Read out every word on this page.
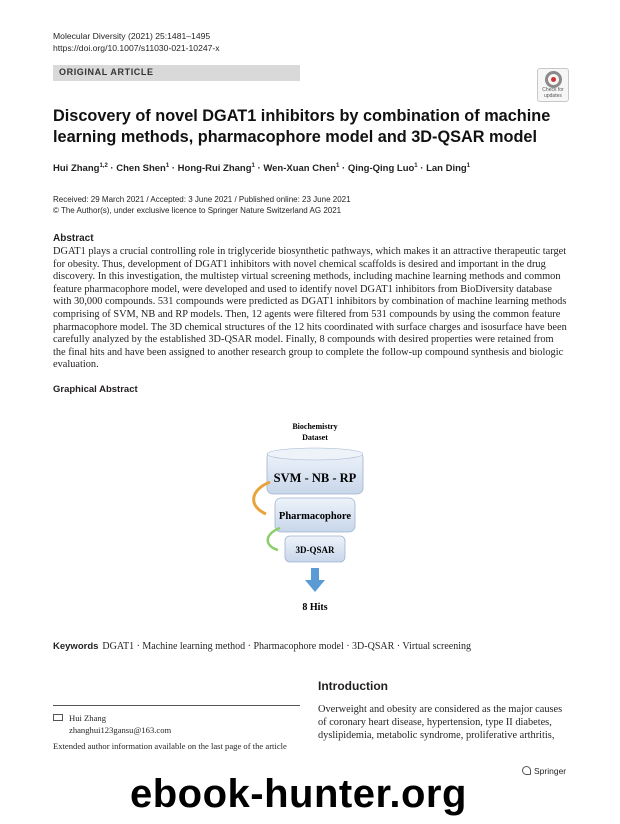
Molecular Diversity (2021) 25:1481–1495
https://doi.org/10.1007/s11030-021-10247-x
ORIGINAL ARTICLE
Check for
updates
Discovery of novel DGAT1 inhibitors by combination of machine learning methods, pharmacophore model and 3D-QSAR model
Hui Zhang$^{1,2}$ · Chen Shen$^1$ · Hong-Rui Zhang$^1$ · Wen-Xuan Chen$^1$ · Qing-Qing Luo$^1$ · Lan Ding$^1$
Received: 29 March 2021 / Accepted: 3 June 2021 / Published online: 23 June 2021
© The Author(s), under exclusive licence to Springer Nature Switzerland AG 2021
Abstract
DGAT1 plays a crucial controlling role in triglyceride biosynthetic pathways, which makes it an attractive therapeutic target
for obesity. Thus, development of DGAT1 inhibitors with novel chemical scaffolds is desired and important in the drug
discovery. In this investigation, the multistep virtual screening methods, including machine learning methods and common
feature pharmacophore model, were developed and used to identify novel DGAT1 inhibitors from BioDiversity database
with 30,000 compounds. 531 compounds were predicted as DGAT1 inhibitors by combination of machine learning methods
comprising of SVM, NB and RP models. Then, 12 agents were filtered from 531 compounds by using the common feature
pharmacophore model. The 3D chemical structures of the 12 hits coordinated with surface charges and isosurface have been
carefully analyzed by the established 3D-QSAR model. Finally, 8 compounds with desired properties were retained from
the final hits and have been assigned to another research group to complete the follow-up compound synthesis and biologic
evaluation.
Graphical Abstract
Biochemistry
Dataset
SVM - NB - RP
Pharmacophore
3D-QSAR
8 Hits
Keywords DGAT1 · Machine learning method · Pharmacophore model · 3D-QSAR · Virtual screening
Hui Zhang
zhanghui123gansu@163.com
Extended author information available on the last page of the article
Introduction
Overweight and obesity are considered as the major causes
of coronary heart disease, hypertension, type II diabetes,
dyslipidemia, metabolic syndrome, proliferative arthritis,
Springer
ebook-hunter.org
